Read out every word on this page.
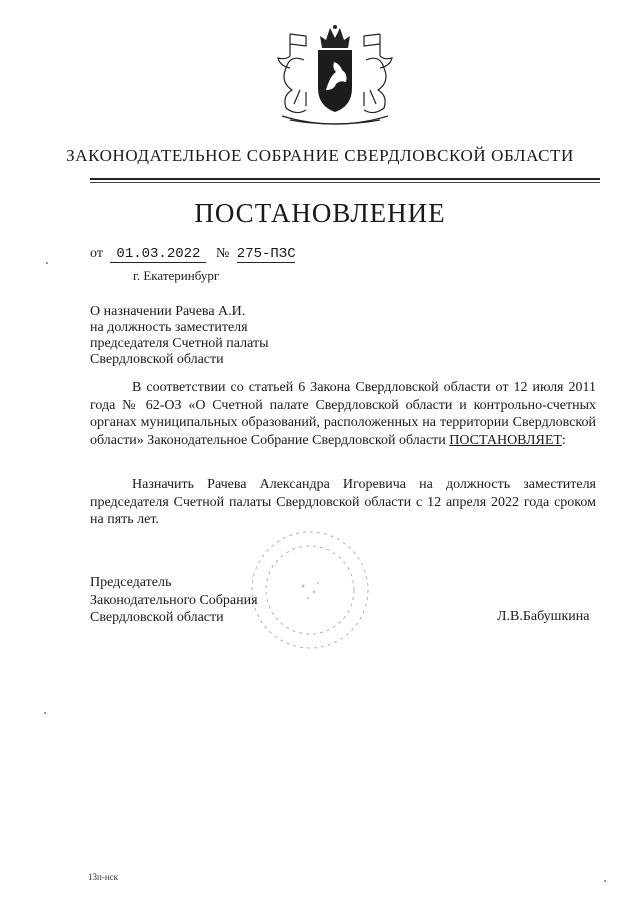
ЗАКОНОДАТЕЛЬНОЕ СОБРАНИЕ СВЕРДЛОВСКОЙ ОБЛАСТИ
ПОСТАНОВЛЕНИЕ
от 01.03.2022 № 275-ПЗС
г. Екатеринбург
О назначении Рачева А.И.
на должность заместителя
председателя Счетной палаты
Свердловской области
В соответствии со статьей 6 Закона Свердловской области от 12 июля 2011 года № 62-ОЗ «О Счетной палате Свердловской области и контрольно-счетных органах муниципальных образований, расположенных на территории Свердловской области» Законодательное Собрание Свердловской области ПОСТАНОВЛЯЕТ:
Назначить Рачева Александра Игоревича на должность заместителя председателя Счетной палаты Свердловской области с 12 апреля 2022 года сроком на пять лет.
Председатель
Законодательного Собрания
Свердловской области	Л.В.Бабушкина
13п-нск
